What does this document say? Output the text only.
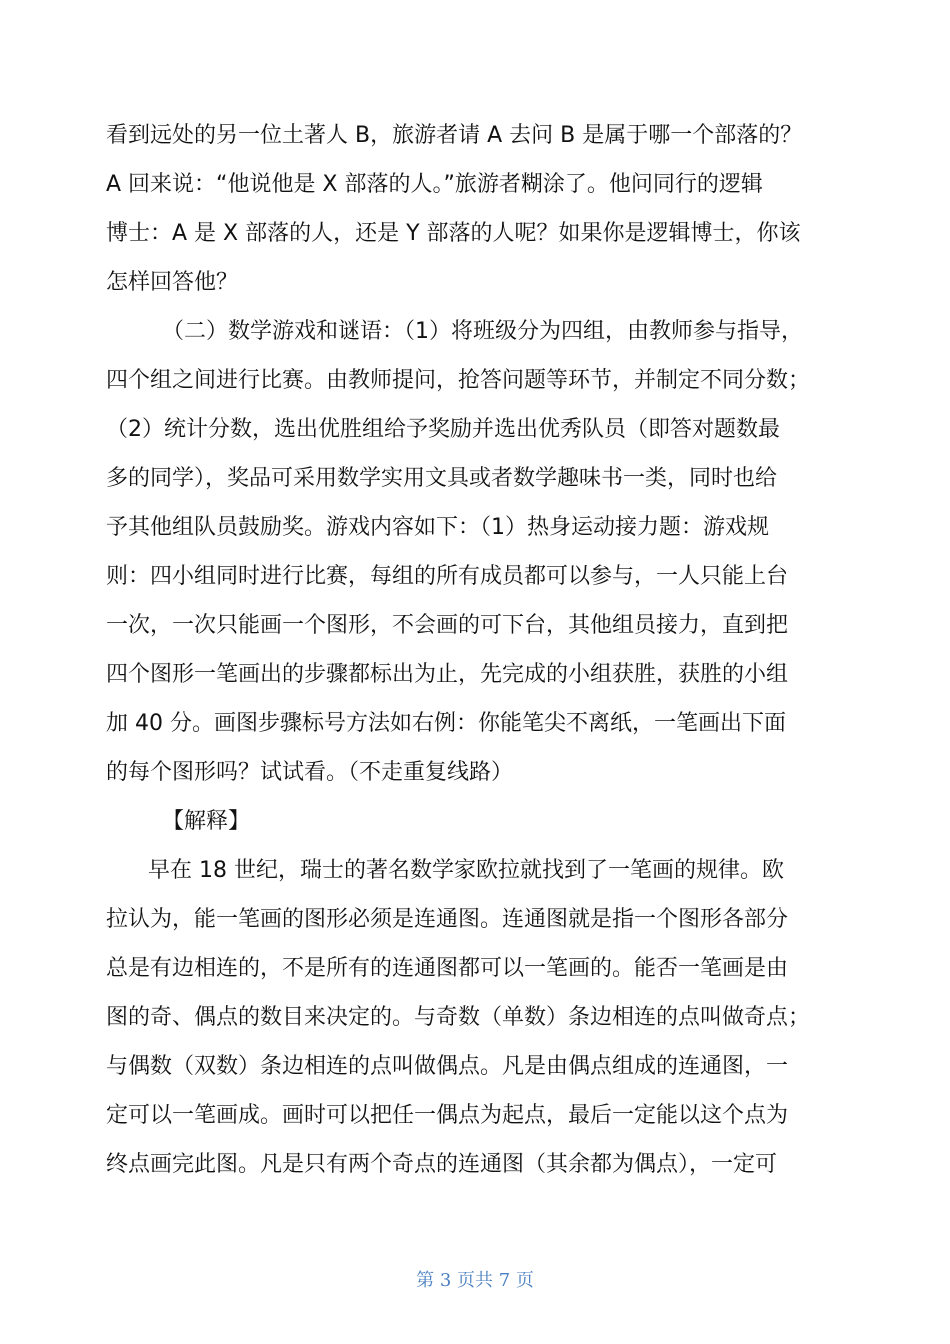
看到远处的另一位土著人 B，旅游者请 A 去问 B 是属于哪一个部落的？
A 回来说：“他说他是 X 部落的人。”旅游者糊涂了。他问同行的逻辑
博士：A 是 X 部落的人，还是 Y 部落的人呢？如果你是逻辑博士，你该
怎样回答他？
（二）数学游戏和谜语：（1）将班级分为四组，由教师参与指导，
四个组之间进行比赛。由教师提问，抢答问题等环节，并制定不同分数；
（2）统计分数，选出优胜组给予奖励并选出优秀队员（即答对题数最
多的同学），奖品可采用数学实用文具或者数学趣味书一类，同时也给
予其他组队员鼓励奖。游戏内容如下：（1）热身运动接力题：游戏规
则：四小组同时进行比赛，每组的所有成员都可以参与，一人只能上台
一次，一次只能画一个图形，不会画的可下台，其他组员接力，直到把
四个图形一笔画出的步骤都标出为止，先完成的小组获胜，获胜的小组
加 40 分。画图步骤标号方法如右例：你能笔尖不离纸，一笔画出下面
的每个图形吗？试试看。（不走重复线路）
【解释】
早在 18 世纪，瑞士的著名数学家欧拉就找到了一笔画的规律。欧
拉认为，能一笔画的图形必须是连通图。连通图就是指一个图形各部分
总是有边相连的，不是所有的连通图都可以一笔画的。能否一笔画是由
图的奇、偶点的数目来决定的。与奇数（单数）条边相连的点叫做奇点；
与偶数（双数）条边相连的点叫做偶点。凡是由偶点组成的连通图，一
定可以一笔画成。画时可以把任一偶点为起点，最后一定能以这个点为
终点画完此图。凡是只有两个奇点的连通图（其余都为偶点），一定可
第 3 页共 7 页
